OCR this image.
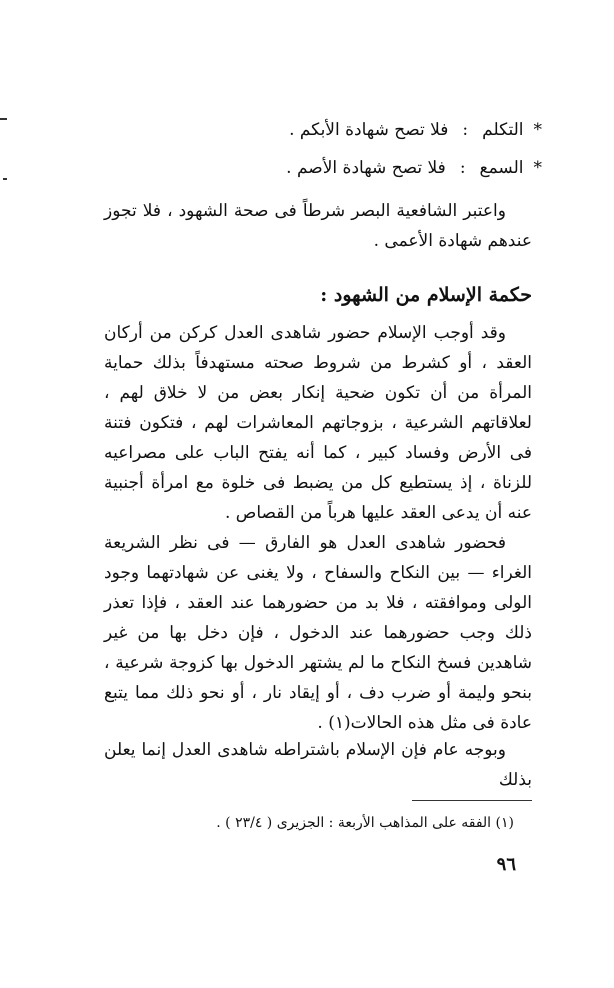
*التكلم:فلا تصح شهادة الأبكم .
*السمع:فلا تصح شهادة الأصم .
واعتبر الشافعية البصر شرطاً فى صحة الشهود ، فلا تجوز عندهم شهادة الأعمى .
حكمة الإسلام من الشهود :
وقد أوجب الإسلام حضور شاهدى العدل كركن من أركان العقد ، أو كشرط من شروط صحته مستهدفاً بذلك حماية المرأة من أن تكون ضحية إنكار بعض من لا خلاق لهم ، لعلاقاتهم الشرعية ، بزوجاتهم المعاشرات لهم ، فتكون فتنة فى الأرض وفساد كبير ، كما أنه يفتح الباب على مصراعيه للزناة ، إذ يستطيع كل من يضبط فى خلوة مع امرأة أجنبية عنه أن يدعى العقد عليها هرباً من القصاص .
فحضور شاهدى العدل هو الفارق — فى نظر الشريعة الغراء — بين النكاح والسفاح ، ولا يغنى عن شهادتهما وجود الولى وموافقته ، فلا بد من حضورهما عند العقد ، فإذا تعذر ذلك وجب حضورهما عند الدخول ، فإن دخل بها من غير شاهدين فسخ النكاح ما لم يشتهر الدخول بها كزوجة شرعية ، بنحو وليمة أو ضرب دف ، أو إيقاد نار ، أو نحو ذلك مما يتبع عادة فى مثل هذه الحالات(١) .
وبوجه عام فإن الإسلام باشتراطه شاهدى العدل إنما يعلن بذلك
(١) الفقه على المذاهب الأربعة : الجزيرى ( ٢٣/٤ ) .
٩٦
